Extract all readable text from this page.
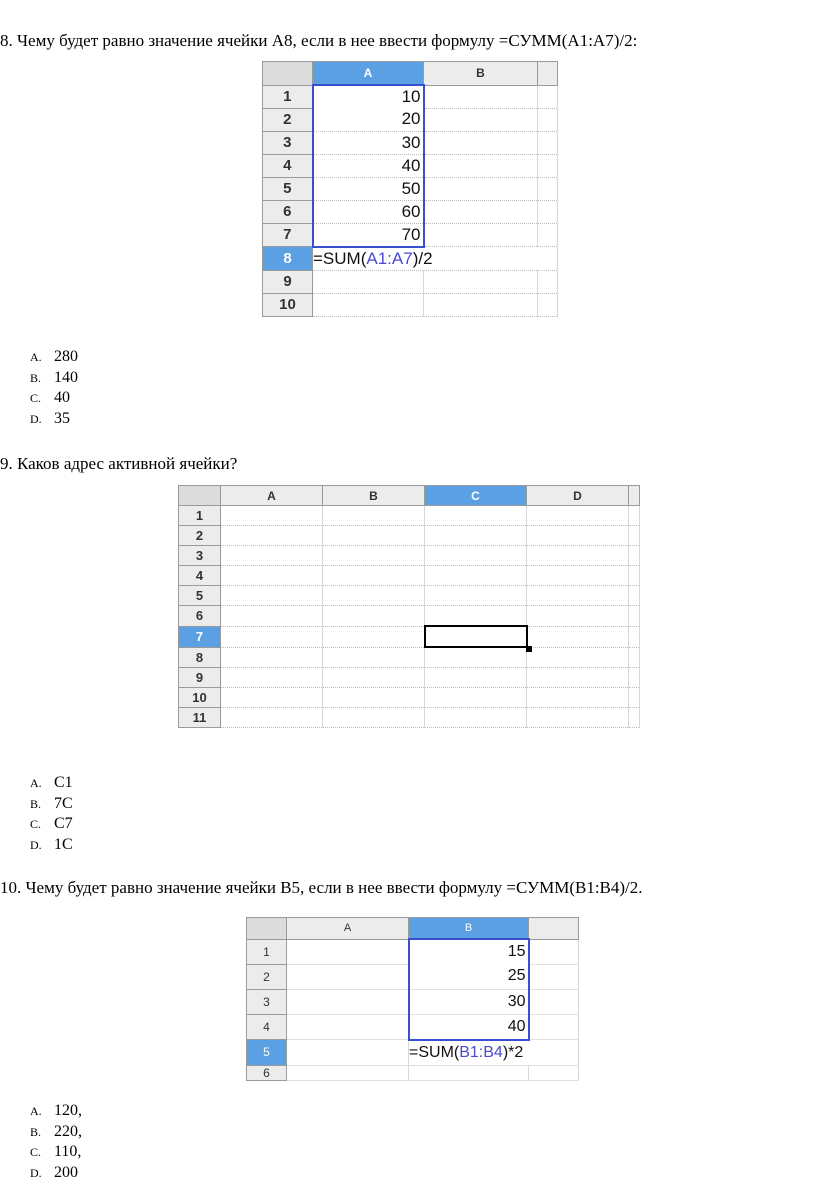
8. Чему будет равно значение ячейки А8, если в нее ввести формулу =СУММ(А1:А7)/2:
	A	B	
1	10		
2	20		
3	30		
4	40		
5	50		
6	60		
7	70		
8	=SUM(A1:A7)/2		
9			
10			
A. 280
B. 140
C. 40
D. 35
9. Каков адрес активной ячейки?
	A	B	C	D	
1					
2					
3					
4					
5					
6					
7			

8					
9					
10					
11					
A. C1
B. 7C
C. C7
D. 1C
10. Чему будет равно значение ячейки В5, если в нее ввести формулу =СУММ(В1:В4)/2.
	A	B	
1		15	
2		25	
3		30	
4		40	
5		=SUM(B1:B4)*2	
6			
A. 120,
B. 220,
C. 110,
D. 200
